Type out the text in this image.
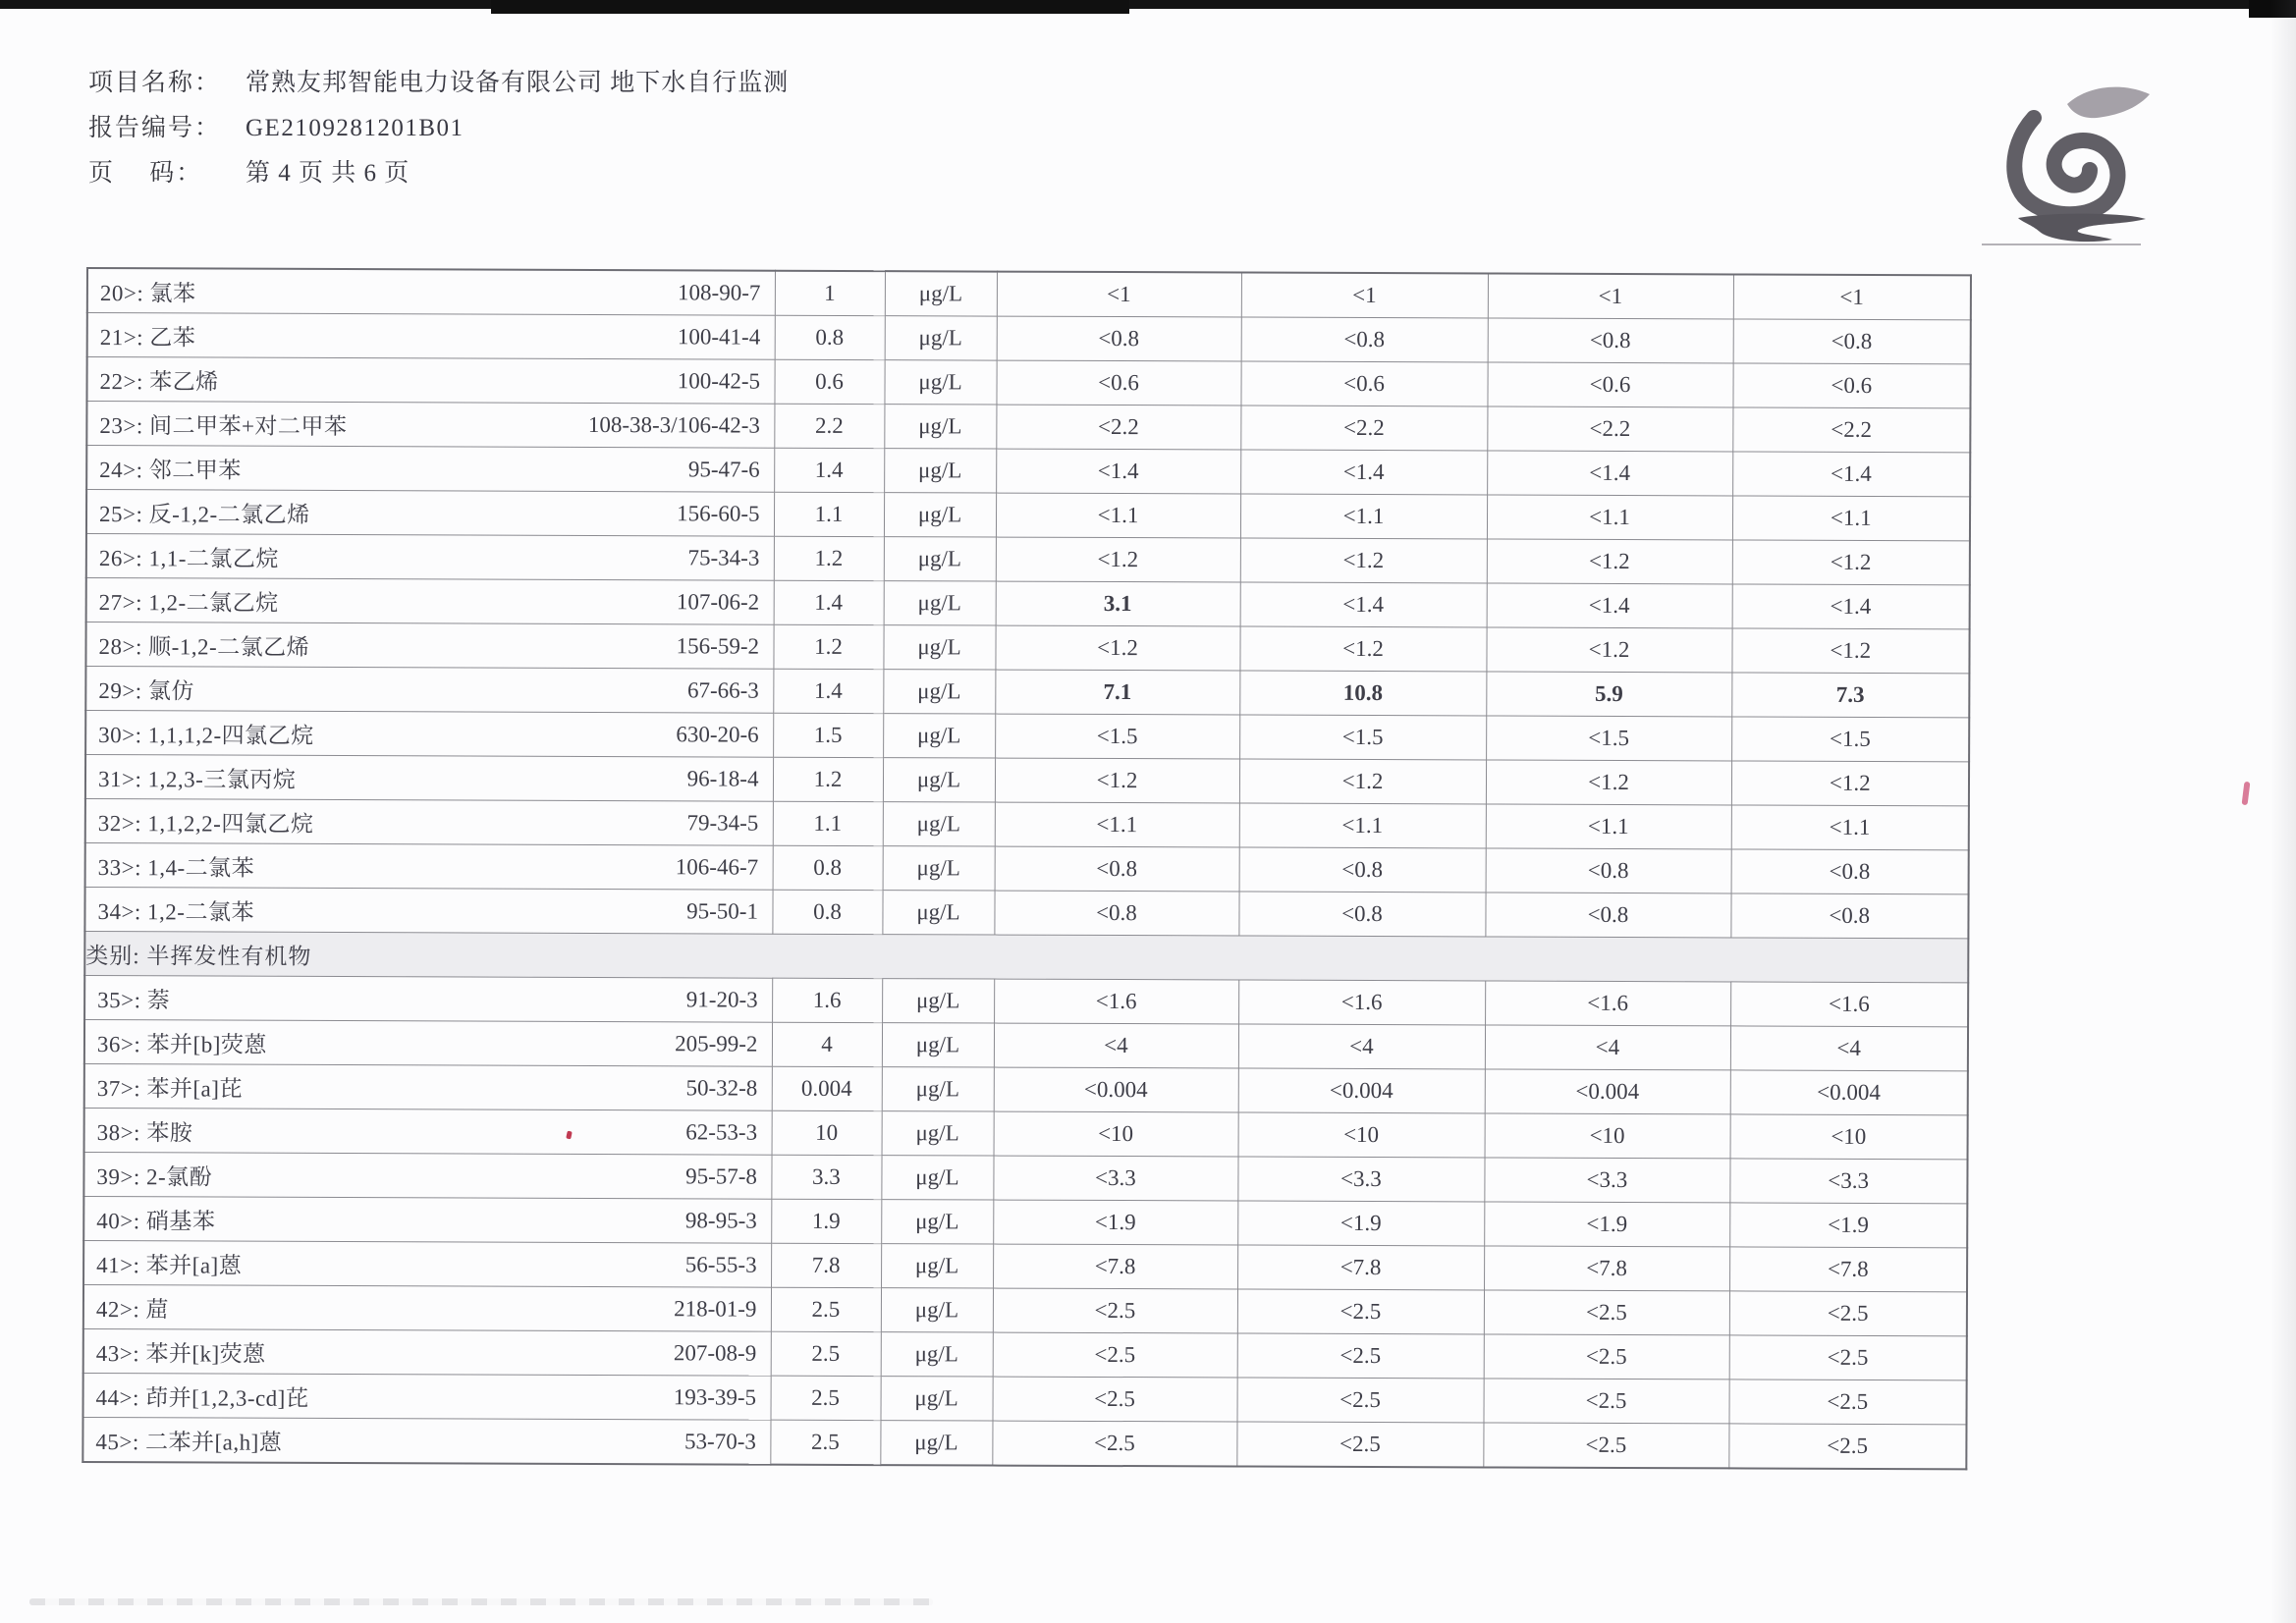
项目名称： 常熟友邦智能电力设备有限公司 地下水自行监测
报告编号： GE2109281201B01
页　 码：	第 4 页 共 6 页
20>: 氯苯 108-90-7	1	μg/L	<1	<1	<1	<1

21>: 乙苯 100-41-4	0.8	μg/L	<0.8	<0.8	<0.8	<0.8

22>: 苯乙烯 100-42-5	0.6	μg/L	<0.6	<0.6	<0.6	<0.6

23>: 间二甲苯+对二甲苯 108-38-3/106-42-3	2.2	μg/L	<2.2	<2.2	<2.2	<2.2

24>: 邻二甲苯 95-47-6	1.4	μg/L	<1.4	<1.4	<1.4	<1.4

25>: 反-1,2-二氯乙烯 156-60-5	1.1	μg/L	<1.1	<1.1	<1.1	<1.1

26>: 1,1-二氯乙烷 75-34-3	1.2	μg/L	<1.2	<1.2	<1.2	<1.2

27>: 1,2-二氯乙烷 107-06-2	1.4	μg/L	3.1	<1.4	<1.4	<1.4

28>: 顺-1,2-二氯乙烯 156-59-2	1.2	μg/L	<1.2	<1.2	<1.2	<1.2

29>: 氯仿 67-66-3	1.4	μg/L	7.1	10.8	5.9	7.3

30>: 1,1,1,2-四氯乙烷 630-20-6	1.5	μg/L	<1.5	<1.5	<1.5	<1.5

31>: 1,2,3-三氯丙烷 96-18-4	1.2	μg/L	<1.2	<1.2	<1.2	<1.2

32>: 1,1,2,2-四氯乙烷 79-34-5	1.1	μg/L	<1.1	<1.1	<1.1	<1.1

33>: 1,4-二氯苯 106-46-7	0.8	μg/L	<0.8	<0.8	<0.8	<0.8

34>: 1,2-二氯苯 95-50-1	0.8	μg/L	<0.8	<0.8	<0.8	<0.8
类别: 半挥发性有机物						

35>: 萘 91-20-3	1.6	μg/L	<1.6	<1.6	<1.6	<1.6

36>: 苯并[b]荧蒽 205-99-2	4	μg/L	<4	<4	<4	<4

37>: 苯并[a]芘 50-32-8	0.004	μg/L	<0.004	<0.004	<0.004	<0.004

38>: 苯胺 62-53-3	10	μg/L	<10	<10	<10	<10

39>: 2-氯酚 95-57-8	3.3	μg/L	<3.3	<3.3	<3.3	<3.3

40>: 硝基苯 98-95-3	1.9	μg/L	<1.9	<1.9	<1.9	<1.9

41>: 苯并[a]蒽 56-55-3	7.8	μg/L	<7.8	<7.8	<7.8	<7.8

42>: 䓛 218-01-9	2.5	μg/L	<2.5	<2.5	<2.5	<2.5

43>: 苯并[k]荧蒽 207-08-9	2.5	μg/L	<2.5	<2.5	<2.5	<2.5

44>: 茚并[1,2,3-cd]芘 193-39-5	2.5	μg/L	<2.5	<2.5	<2.5	<2.5

45>: 二苯并[a,h]蒽 53-70-3	2.5	μg/L	<2.5	<2.5	<2.5	<2.5
